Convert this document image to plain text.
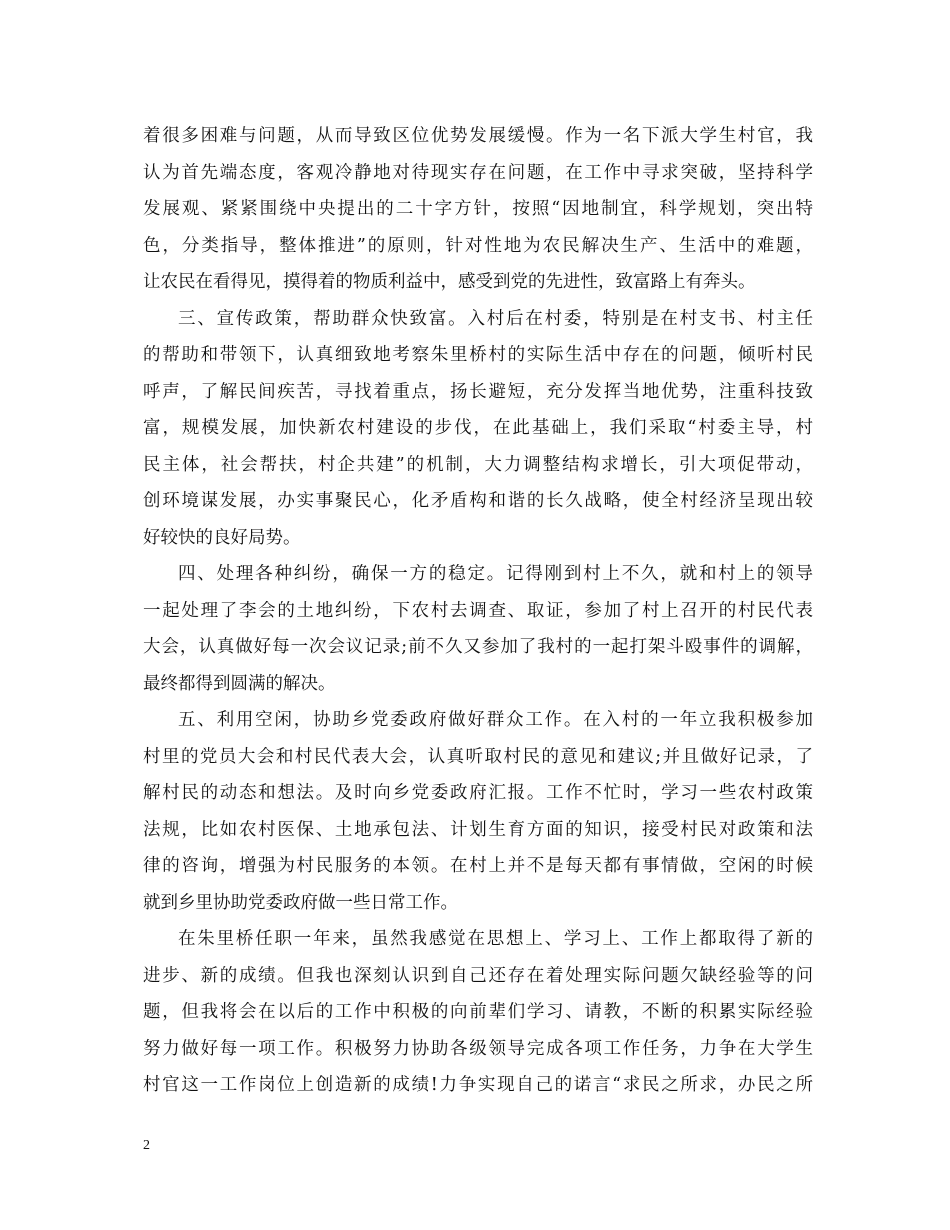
着很多困难与问题，从而导致区位优势发展缓慢。作为一名下派大学生村官，我
认为首先端态度，客观冷静地对待现实存在问题，在工作中寻求突破，坚持科学
发展观、紧紧围绕中央提出的二十字方针，按照“因地制宜，科学规划，突出特
色，分类指导，整体推进”的原则，针对性地为农民解决生产、生活中的难题，
让农民在看得见，摸得着的物质利益中，感受到党的先进性，致富路上有奔头。
三、宣传政策，帮助群众快致富。入村后在村委，特别是在村支书、村主任
的帮助和带领下，认真细致地考察朱里桥村的实际生活中存在的问题，倾听村民
呼声，了解民间疾苦，寻找着重点，扬长避短，充分发挥当地优势，注重科技致
富，规模发展，加快新农村建设的步伐，在此基础上，我们采取“村委主导，村
民主体，社会帮扶，村企共建”的机制，大力调整结构求增长，引大项促带动，
创环境谋发展，办实事聚民心，化矛盾构和谐的长久战略，使全村经济呈现出较
好较快的良好局势。
四、处理各种纠纷，确保一方的稳定。记得刚到村上不久，就和村上的领导
一起处理了李会的土地纠纷，下农村去调查、取证，参加了村上召开的村民代表
大会，认真做好每一次会议记录;前不久又参加了我村的一起打架斗殴事件的调解，
最终都得到圆满的解决。
五、利用空闲，协助乡党委政府做好群众工作。在入村的一年立我积极参加
村里的党员大会和村民代表大会，认真听取村民的意见和建议;并且做好记录，了
解村民的动态和想法。及时向乡党委政府汇报。工作不忙时，学习一些农村政策
法规，比如农村医保、土地承包法、计划生育方面的知识，接受村民对政策和法
律的咨询，增强为村民服务的本领。在村上并不是每天都有事情做，空闲的时候
就到乡里协助党委政府做一些日常工作。
在朱里桥任职一年来，虽然我感觉在思想上、学习上、工作上都取得了新的
进步、新的成绩。但我也深刻认识到自己还存在着处理实际问题欠缺经验等的问
题，但我将会在以后的工作中积极的向前辈们学习、请教，不断的积累实际经验
努力做好每一项工作。积极努力协助各级领导完成各项工作任务，力争在大学生
村官这一工作岗位上创造新的成绩!力争实现自己的诺言“求民之所求，办民之所
2
